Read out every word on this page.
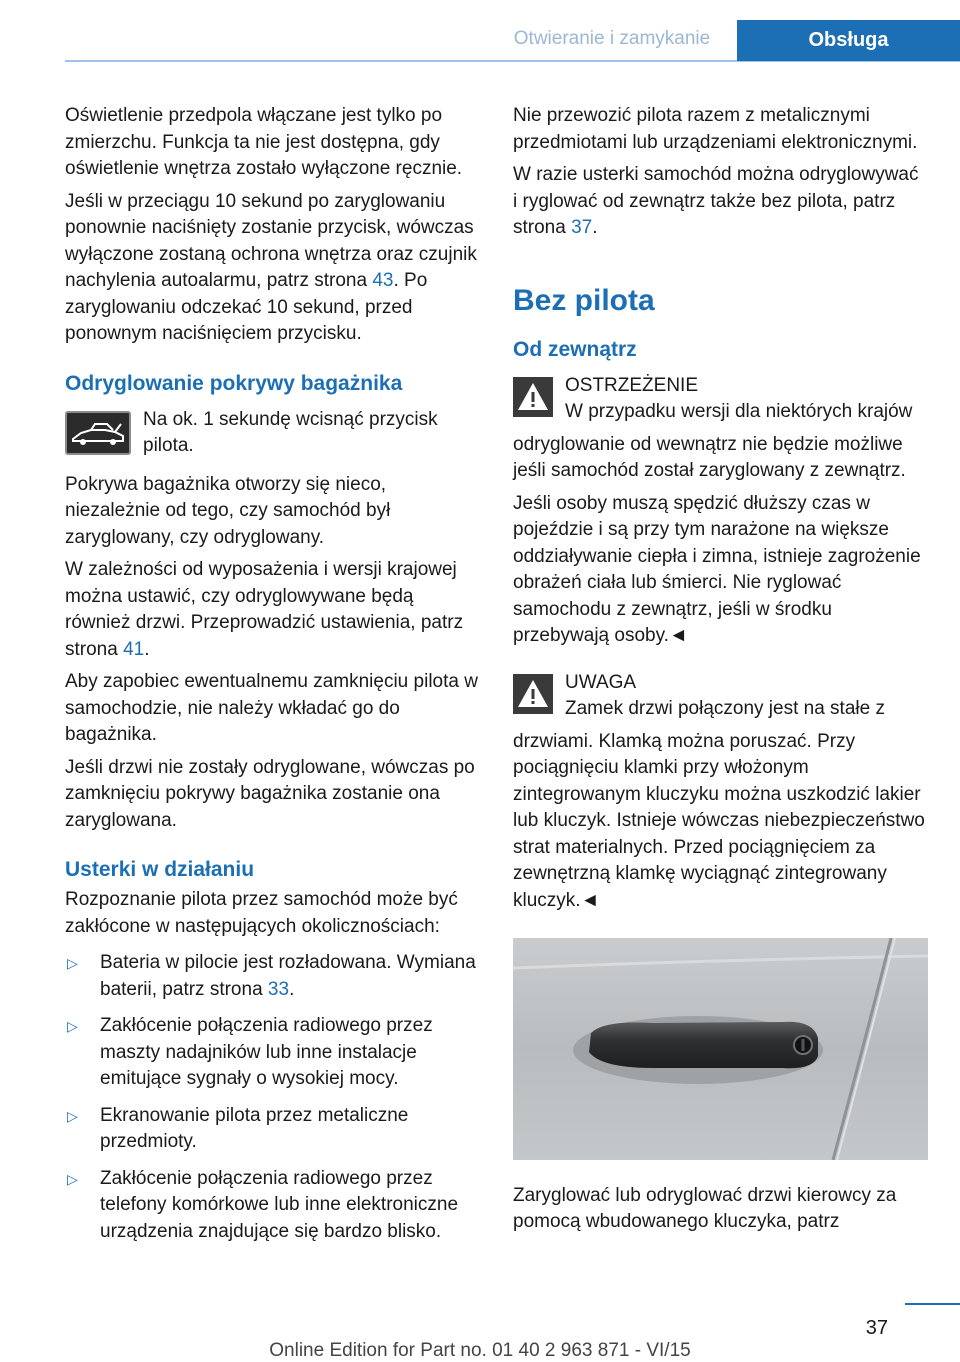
Otwieranie i zamykanie	Obsługa

Oświetlenie przedpola włączane jest tylko po zmierzchu. Funkcja ta nie jest dostępna, gdy oświetlenie wnętrza zostało wyłączone ręcznie.

Jeśli w przeciągu 10 sekund po zaryglowaniu ponownie naciśnięty zostanie przycisk, wówczas wyłączone zostaną ochrona wnętrza oraz czujnik nachylenia autoalarmu, patrz strona 43. Po zaryglowaniu odczekać 10 sekund, przed ponownym naciśnięciem przycisku.

Odryglowanie pokrywy bagażnika
Na ok. 1 sekundę wcisnąć przycisk pilota.

Pokrywa bagażnika otworzy się nieco, niezależnie od tego, czy samochód był zaryglowany, czy odryglowany.

W zależności od wyposażenia i wersji krajowej można ustawić, czy odryglowywane będą również drzwi. Przeprowadzić ustawienia, patrz strona 41.

Aby zapobiec ewentualnemu zamknięciu pilota w samochodzie, nie należy wkładać go do bagażnika.

Jeśli drzwi nie zostały odryglowane, wówczas po zamknięciu pokrywy bagażnika zostanie ona zaryglowana.

Usterki w działaniu

Rozpoznanie pilota przez samochód może być zakłócone w następujących okolicznościach:

▷ Bateria w pilocie jest rozładowana. Wymiana baterii, patrz strona 33.
▷ Zakłócenie połączenia radiowego przez maszty nadajników lub inne instalacje emitujące sygnały o wysokiej mocy.
▷ Ekranowanie pilota przez metaliczne przedmioty.
▷ Zakłócenie połączenia radiowego przez telefony komórkowe lub inne elektroniczne urządzenia znajdujące się bardzo blisko.

Nie przewozić pilota razem z metalicznymi przedmiotami lub urządzeniami elektronicznymi.

W razie usterki samochód można odryglowywać i ryglować od zewnątrz także bez pilota, patrz strona 37.

Bez pilota
Od zewnątrz
OSTRZEŻENIE
W przypadku wersji dla niektórych krajów

odryglowanie od wewnątrz nie będzie możliwe jeśli samochód został zaryglowany z zewnątrz.

Jeśli osoby muszą spędzić dłuższy czas w pojeździe i są przy tym narażone na większe oddziaływanie ciepła i zimna, istnieje zagrożenie obrażeń ciała lub śmierci. Nie ryglować samochodu z zewnątrz, jeśli w środku przebywają osoby.◄

UWAGA
Zamek drzwi połączony jest na stałe z

drzwiami. Klamką można poruszać. Przy pociągnięciu klamki przy włożonym zintegrowanym kluczyku można uszkodzić lakier lub kluczyk. Istnieje wówczas niebezpieczeństwo strat materialnych. Przed pociągnięciem za zewnętrzną klamkę wyciągnąć zintegrowany kluczyk.◄

Zaryglować lub odryglować drzwi kierowcy za pomocą wbudowanego kluczyka, patrz

37
Online Edition for Part no. 01 40 2 963 871 - VI/15
